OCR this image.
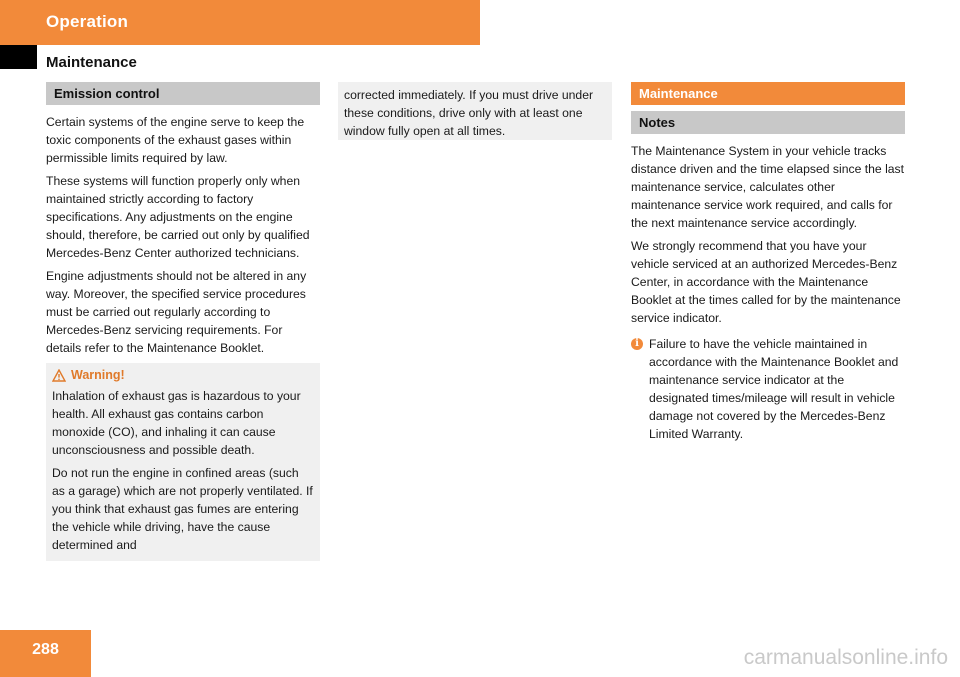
Operation
Maintenance
Emission control

Certain systems of the engine serve to keep the toxic components of the exhaust gases within permissible limits required by law.

These systems will function properly only when maintained strictly according to factory specifications. Any adjustments on the engine should, therefore, be carried out only by qualified Mercedes-Benz Center authorized technicians.

Engine adjustments should not be altered in any way. Moreover, the specified service procedures must be carried out regularly according to Mercedes-Benz servicing requirements. For details refer to the Maintenance Booklet.

Warning!

Inhalation of exhaust gas is hazardous to your health. All exhaust gas contains carbon monoxide (CO), and inhaling it can cause unconsciousness and possible death.

Do not run the engine in confined areas (such as a garage) which are not properly ventilated. If you think that exhaust gas fumes are entering the vehicle while driving, have the cause determined and

corrected immediately. If you must drive under these conditions, drive only with at least one window fully open at all times.

Maintenance
Notes

The Maintenance System in your vehicle tracks distance driven and the time elapsed since the last maintenance service, calculates other maintenance service work required, and calls for the next maintenance service accordingly.

We strongly recommend that you have your vehicle serviced at an authorized Mercedes-Benz Center, in accordance with the Maintenance Booklet at the times called for by the maintenance service indicator.

i Failure to have the vehicle maintained in accordance with the Maintenance Booklet and maintenance service indicator at the designated times/mileage will result in vehicle damage not covered by the Mercedes-Benz Limited Warranty.

288	carmanualsonline.info
